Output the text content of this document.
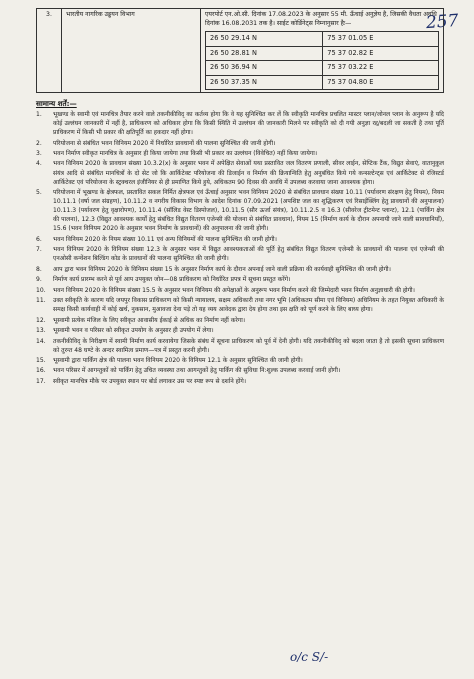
257
3.	भारतीय नागरिक उड्डयन विभाग	एयरपोर्ट एन.ओ.सी. दिनांक 17.08.2023 के अनुसार 55 मी. ऊँचाई अनुज्ञेय है, जिसकी वैधता अवधि दिनांक 16.08.2031 तक है। साईट कोर्डिनेट्स निम्नानुसार हैः—
26 50 29.14 N	75 37 01.05 E
26 50 28.81 N	75 37 02.82 E
26 50 36.94 N	75 37 03.22 E
26 50 37.35 N	75 37 04.80 E
सामान्य शर्तें:—
1.	भूखण्ड के स्वामी एवं मानचित्र तैयार करने वाले तकनीकीविद् का कर्तव्य होगा कि वे यह सुनिश्चित कर लें कि स्वीकृति मानचित्र प्रचलित मास्टर प्लान/जोनल प्लान के अनुरूप है यदि कोई उल्लंघन जानकारी में नहीं है, प्राधिकरण को अधिकार होगा कि किसी स्थिति में उल्लंघन की जानकारी मिलने पर स्वीकृति को दी गयी अनुज्ञा रद्द/बदली जा सकती है तथा पूर्ति प्राधिकरण में किसी भी प्रकार की क्षतिपूर्ति का हकदार नहीं होगा।
2.	परियोजना से संबंधित भवन विनियम 2020 में निर्धारित प्रावधानों की पालना सुनिश्चित की जानी होगी।
3.	भवन निर्माण स्वीकृत मानचित्र के अनुसार ही किया जायेगा तथा किसी भी प्रकार का उल्लंघन (विवेचित) नहीं किया जायेगा।
4.	भवन विनियम 2020 के प्रावधान संख्या 10.3.2(x) के अनुसार भवन में अपेक्षित सेवाओं यथा प्रस्तावित जल वितरण प्रणाली, सीवर लाईन, सेप्टिक टैंक, विद्युत सेवाएं, वातानुकूल संयंत्र आदि से संबंधित मानचित्रों के दो सेट जो कि आर्किटेक्ट परियोजना की डिजाईन व निर्माण की क्रियान्विति हेतु अनुबंधित किये गये कन्सल्टेन्ट्स एवं आर्किटेक्ट से रजिस्टर्ड आर्किटेक्ट एवं परियोजना के स्ट्रक्चरल इंजीनियर से ही प्रमाणित किये हुये, अधिकतम 90 दिवस की अवधि में उपलब्ध करवाया जाना आवश्यक होगा।
5.	परियोजना में भूखण्ड के क्षेत्रफल, प्रस्तावित सकल निर्मित क्षेत्रफल एवं ऊँचाई अनुसार भवन विनियम 2020 से संबंधित प्रावधान संख्या 10.11 (पर्यावरण संरक्षण हेतु नियम), नियम 10.11.1 (वर्षा जल संग्रहण), 10.11.2 व नगरीय विकास विभाग के आदेश दिनांक 07.09.2021 (अपशिष्ट जल का शुद्धिकरण एवं रिसाईक्लिंग हेतु प्रावधानों की अनुपालना) 10.11.3 (पर्यावरण हेतु वृक्षारोपण), 10.11.4 (सॉलिड वेस्ट डिस्पोजल), 10.11.5 (सौर ऊर्जा संयंत्र), 10.11.2.5 व 16.3 (सीवरेज ट्रीटमेन्ट प्लान्ट), 12.1 (पार्किंग क्षेत्र की पालना), 12.3 (विद्युत आवश्यक कार्यों हेतु संबंधित विद्युत वितरण एजेन्सी की योजना से संबंधित प्रावधान), नियम 15 (निर्माण कार्य के दौरान अपनायी जाने वाली सावधानियाँ), 15.6 (भवन विनियम 2020 के अनुसार भवन निर्माण के प्रावधानों) की अनुपालना की जानी होगी।
6.	भवन विनियम 2020 के नियम संख्या 10.11 एवं अन्य विनियमों की पालना सुनिश्चित की जानी होगी।
7.	भवन विनियम 2020 के विनियम संख्या 12.3 के अनुसार भवन में विद्युत आवश्यकताओं की पूर्ति हेतु संबंधित विद्युत वितरण एजेन्सी के प्रावधानों की पालना एवं एजेन्सी की एनओसी कन्वेंशन बिल्डिंग कोड के प्रावधानों की पालना सुनिश्चित की जानी होगी।
8.	आप द्वारा भवन विनियम 2020 के विनियम संख्या 15 के अनुसार निर्माण कार्य के दौरान अपनाई जाने वाली प्रक्रिया की कार्यवाही सुनिश्चित की जानी होगी।
9.	निर्माण कार्य प्रारम्भ करने से पूर्व आप उपयुक्त जोन—08 प्राधिकरण को निर्धारित प्रपत्र में सूचना प्रस्तुत करेंगे।
10.	भवन विनियम 2020 के विनियम संख्या 15.5 के अनुसार भवन विनियम की अपेक्षाओं के अनुरूप भवन निर्माण करने की जिम्मेदारी भवन निर्माण अनुज्ञाधारी की होगी।
11.	उक्त स्वीकृति के कारण यदि जयपुर विकास प्राधिकरण को किसी न्यायालय, सक्षम अधिकारी तथा नगर भूमि (अधिकतम सीमा एवं विनियम) अधिनियम के तहत नियुक्त अधिकारी के समक्ष किसी कार्यवाही में कोई खर्च, नुकसान, मुआवजा देना पड़े तो यह व्यय आवेदक द्वारा देय होगा तथा इस क्षति को पूर्ण करने के लिए बाध्य होगा।
12.	भूस्वामी प्रत्येक मंजिल के लिए स्वीकृत आवासीय ईकाई से अधिक का निर्माण नहीं करेगा।
13.	भूस्वामी भवन व परिसर को स्वीकृत उपयोग के अनुसार ही उपयोग में लेगा।
14.	तकनीकीविद् के निरीक्षण में स्वामी निर्माण कार्य करवायेगा जिसके संबंध में सूचना प्राधिकरण को पूर्व में देनी होगी। यदि तकनीकीविद् को बदला जाता है तो इसकी सूचना प्राधिकरण को तुरन्त 48 घण्टे के अन्दर स्वामित्व प्रमाण—पत्र में प्रस्तुत करनी होगी।
15.	भूस्वामी द्वारा पार्किंग क्षेत्र की पालना भवन विनियम 2020 के विनियम 12.1 के अनुसार सुनिश्चित की जानी होगी।
16.	भवन परिसर में आगन्तुकों को पार्किंग हेतु उचित व्यवस्था तथा आगन्तुकों हेतु पार्किंग की सुविधा नि:शुल्क उपलब्ध करवाई जानी होगी।
17.	स्वीकृत मानचित्र मौके पर उपयुक्त स्थान पर बोर्ड लगाकर उस पर स्पष्ट रूप से दर्शाने होंगे।
o/c S/-
